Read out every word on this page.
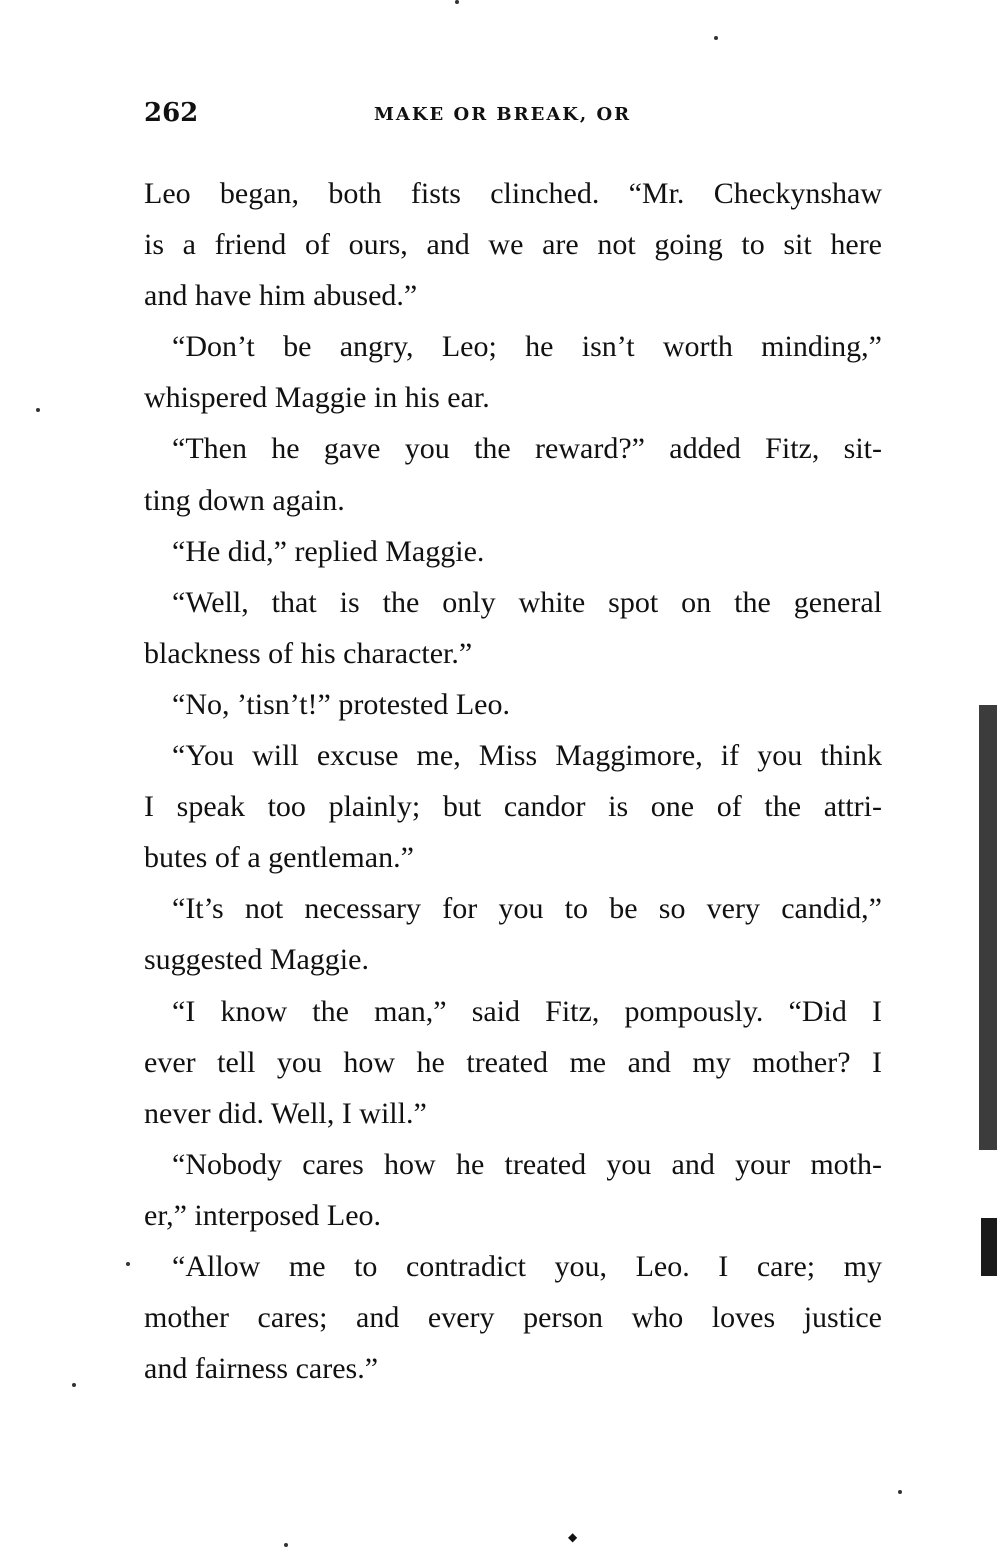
262	MAKE OR BREAK, OR
Leo began, both fists clinched. “Mr. Checkynshaw
is a friend of ours, and we are not going to sit here
and have him abused.”
“Don’t be angry, Leo; he isn’t worth minding,”
whispered Maggie in his ear.
“Then he gave you the reward?” added Fitz, sit-
ting down again.
“He did,” replied Maggie.
“Well, that is the only white spot on the general
blackness of his character.”
“No, ’tisn’t!” protested Leo.
“You will excuse me, Miss Maggimore, if you think
I speak too plainly; but candor is one of the attri-
butes of a gentleman.”
“It’s not necessary for you to be so very candid,”
suggested Maggie.
“I know the man,” said Fitz, pompously. “Did I
ever tell you how he treated me and my mother? I
never did. Well, I will.”
“Nobody cares how he treated you and your moth-
er,” interposed Leo.
“Allow me to contradict you, Leo. I care; my
mother cares; and every person who loves justice
and fairness cares.”
◆
